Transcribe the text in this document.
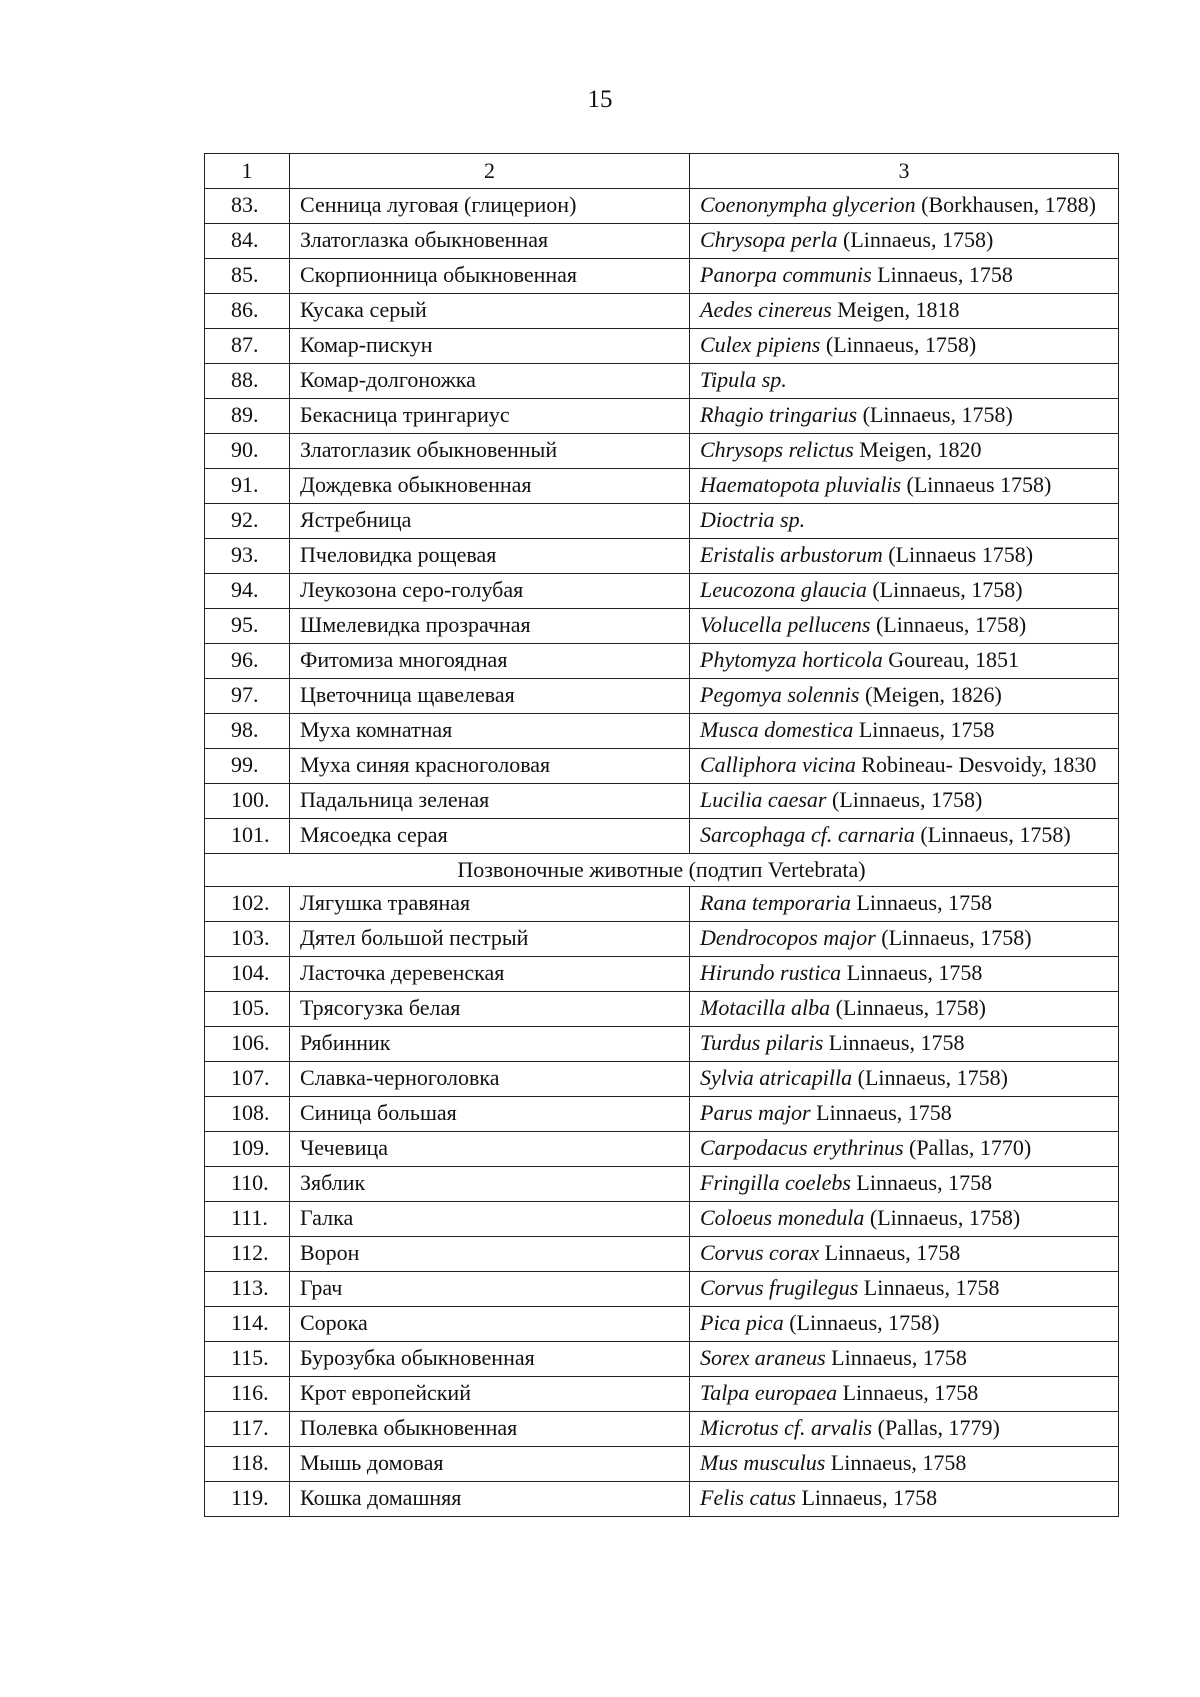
15
1	2	3
83.	Сенница луговая (глицерион)	Coenonympha glycerion (Borkhausen, 1788)
84.	Златоглазка обыкновенная	Chrysopa perla (Linnaeus, 1758)
85.	Скорпионница обыкновенная	Panorpa communis Linnaeus, 1758
86.	Кусака серый	Aedes cinereus Meigen, 1818
87.	Комар-пискун	Culex pipiens (Linnaeus, 1758)
88.	Комар-долгоножка	Tipula sp.
89.	Бекасница трингариус	Rhagio tringarius (Linnaeus, 1758)
90.	Златоглазик обыкновенный	Chrysops relictus Meigen, 1820
91.	Дождевка обыкновенная	Haematopota pluvialis (Linnaeus 1758)
92.	Ястребница	Dioctria sp.
93.	Пчеловидка рощевая	Eristalis arbustorum (Linnaeus 1758)
94.	Леукозона серо-голубая	Leucozona glaucia (Linnaeus, 1758)
95.	Шмелевидка прозрачная	Volucella pellucens (Linnaeus, 1758)
96.	Фитомиза многоядная	Phytomyza horticola Goureau, 1851
97.	Цветочница щавелевая	Pegomya solennis (Meigen, 1826)
98.	Муха комнатная	Musca domestica Linnaeus, 1758
99.	Муха синяя красноголовая	Calliphora vicina Robineau- Desvoidy, 1830
100.	Падальница зеленая	Lucilia caesar (Linnaeus, 1758)
101.	Мясоедка серая	Sarcophaga cf. carnaria (Linnaeus, 1758)
Позвоночные животные (подтип Vertebrata)		
102.	Лягушка травяная	Rana temporaria Linnaeus, 1758
103.	Дятел большой пестрый	Dendrocopos major (Linnaeus, 1758)
104.	Ласточка деревенская	Hirundo rustica Linnaeus, 1758
105.	Трясогузка белая	Motacilla alba (Linnaeus, 1758)
106.	Рябинник	Turdus pilaris Linnaeus, 1758
107.	Славка-черноголовка	Sylvia atricapilla (Linnaeus, 1758)
108.	Синица большая	Parus major Linnaeus, 1758
109.	Чечевица	Carpodacus erythrinus (Pallas, 1770)
110.	Зяблик	Fringilla coelebs Linnaeus, 1758
111.	Галка	Coloeus monedula (Linnaeus, 1758)
112.	Ворон	Corvus corax Linnaeus, 1758
113.	Грач	Corvus frugilegus Linnaeus, 1758
114.	Сорока	Pica pica (Linnaeus, 1758)
115.	Бурозубка обыкновенная	Sorex araneus Linnaeus, 1758
116.	Крот европейский	Talpa europaea Linnaeus, 1758
117.	Полевка обыкновенная	Microtus cf. arvalis (Pallas, 1779)
118.	Мышь домовая	Mus musculus Linnaeus, 1758
119.	Кошка домашняя	Felis catus Linnaeus, 1758
